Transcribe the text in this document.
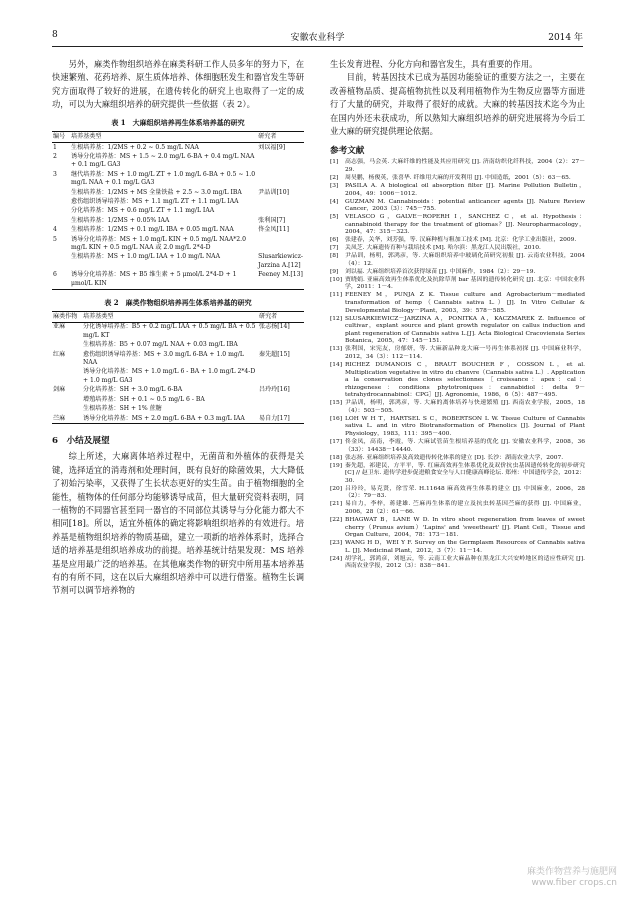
8	安徽农业科学	2014 年

另外，麻类作物组织培养在麻类科研工作人员多年的努力下，在快速繁殖、花药培养、原生质体培养、体细胞胚发生和器官发生等研究方面取得了较好的进展，在遗传转化的研究上也取得了一定的成功，可以为大麻组织培养的研究提供一些依据（表 2）。

表 1　大麻组织培养再生体系培养基的研究
编号	培养基类型	研究者
1	生根培养基：1/2MS + 0.2 ~ 0.5 mg/L NAA	刘以福[9]
2	诱导分化培养基：MS + 1.5 ~ 2.0 mg/L 6-BA + 0.4 mg/L NAA + 0.1 mg/L GA3	
3	继代培养基：MS + 1.0 mg/L ZT + 1.0 mg/L 6-BA + 0.5 ~ 1.0 mg/L NAA + 0.1 mg/L GA3	
	生根培养基：1/2MS + MS 全量铁盐 + 2.5 ~ 3.0 mg/L IBA	尹品训[10]
	愈伤组织诱导培养基：MS + 1.1 mg/L ZT + 1.1 mg/L IAA	
	分化培养基：MS + 0.6 mg/L ZT + 1.1 mg/L IAA	
	生根培养基：1/2MS + 0.05% IAA	张利国[7]
4	生根培养基：1/2MS + 0.1 mg/L IBA + 0.05 mg/L NAA	佟金凤[11]
5	诱导分化培养基：MS + 1.0 mg/L KIN + 0.5 mg/L NAA*2.0 mg/L KIN + 0.5 mg/L NAA 或 2.0 mg/L 2*4-D	
	生根培养基：MS + 1.0 mg/L IAA + 1.0 mg/L NAA	Slusarkiewicz-Jarzina A.[12]
6	诱导分化培养基：MS + B5 维生素 + 5 μmol/L 2*4-D + 1 μmol/L KIN	Feeney M.[13]
表 2　麻类作物组织培养再生体系培养基的研究
麻类作物	培养基类型	研究者
亚麻	分化诱导培养基：B5 + 0.2 mg/L IAA + 0.5 mg/L BA + 0.5 mg/L KT	张志扬[14]
	生根培养基：B5 + 0.07 mg/L NAA + 0.03 mg/L IBA	
红麻	愈伤组织诱导培养基：MS + 3.0 mg/L 6-BA + 1.0 mg/L NAA	秦先超[15]
	诱导分化培养基：MS + 1.0 mg/L 6 - BA + 1.0 mg/L 2*4-D + 1.0 mg/L GA3	
剑麻	分化培养基：SH + 3.0 mg/L 6-BA	吕玲玲[16]
	增殖培养基：SH + 0.1 ~ 0.5 mg/L 6 - BA	
	生根培养基：SH + 1% 蔗糖	
苎麻	诱导分化培养基：MS + 2.0 mg/L 6-BA + 0.3 mg/L IAA	易自力[17]
6　小结及展望

综上所述，大麻离体培养过程中，无菌苗和外植体的获得是关键，选择适宜的消毒剂和处理时间，既有良好的除菌效果，大大降低了初始污染率，又获得了生长状态更好的实生苗。由于植物细胞的全能性，植物体的任何部分均能够诱导成苗，但大量研究资料表明，同一植物的不同器官甚至同一器官的不同部位其诱导与分化能力都大不相同[18]。所以，适宜外植体的确定将影响组织培养的有效进行。培养基是植物组织培养的物质基础，建立一项新的培养体系时，选择合适的培养基是组织培养成功的前提。培养基统计结果发现：MS 培养基是应用最广泛的培养基。在其他麻类作物的研究中所用基本培养基有的有所不同，这在以后大麻组织培养中可以进行借鉴。植物生长调节剂可以调节培养物的

生长发育进程、分化方向和器官发生，具有重要的作用。

目前，转基因技术已成为基因功能验证的重要方法之一，主要在改善植物品质、提高植物抗性以及利用植物作为生物反应器等方面进行了大量的研究，并取得了很好的成就。大麻的转基因技术迄今为止在国内外还未获成功，所以熟知大麻组织培养的研究进展将为今后工业大麻的研究提供理论依据。

参考文献
[1]	高志强，马会英. 大麻纤维的性能及其应用研究 [J]. 济南纺织化纤科技，2004（2）：27－29.
[2]	周昊鹏，杨俊英，张喜华. 纤维用大麻的开发利用 [J]. 中国造纸，2001（5）：63－65.
[3]	PASILA A. A biological oil absorption filter [J]. Marine Pollution Bulletin，2004，49：1006－1012.
[4]	GUZMAN M. Cannabinoids：potential anticancer agents [J]. Nature Review Cancer，2003（3）：745－755.
[5]	VELASCO G，GALVE－ROPERH I，SANCHEZ C，et al. Hypothesis：cannabinoid therapy for the treatment of gliomas？[J]. Neuropharmacology，2004，47：315－323.
[6]	张建春，关华，刘芳强，等. 汉麻种植与粗加工技术 [M]. 北京：化学工业出版社，2009.
[7]	关凤芝. 大麻遗传育种与栽培技术 [M]. 哈尔滨：黑龙江人民出版社，2010.
[8]	尹品训，杨明，郭鸿彦，等. 大麻组织培养中玻璃化苗研究初报 [J]. 云南农业科技，2004（4）：12.
[9]	刘以福. 大麻组织培养首次获得绿苗 [J]. 中国麻作，1984（2）：29－19.
[10] 贾晓娟. 亚麻高效再生体系优化及抗除草剂 bar 基因的遗传转化研究 [J]. 北京：中国农业科学，2011：1－4.
[11] FEENEY M，PUNJA Z K. Tissue culture and Agrobacterium－mediated transformation of hemp（Cannabis sativa L.）[J]. In Vitro Cellular & Developmental Biology－Plant，2003，39：578－585.
[12] SLUSARKIEWICZ－JARZINA A，PONITKA A，KACZMAREK Z. Influence of cultivar，explant source and plant growth regulator on callus induction and plant regeneration of Cannabis sativa L.[J]. Acta Biological Cracoviensia Series Botanica，2005，47：145－151.
[13] 张利国，宋宪友，房郁妍，等. 大麻新品种龙大麻一号再生体系初探 [J]. 中国麻业科学，2012，34（3）：112－114.
[14] RICHEZ DUMANOIS C，BRAUT BOUCHER F，COSSON L，et al. Multiplication vegetative in vitro du chanvre（Cannabis sativa L.）. Application a la conservation des clones selectionnes［croissance：apex：cal：rhizogenese：conditions phytotroniques：cannabidiol：delta 9－tetrahydrocannabinol：CPG］[J]. Agronomie，1986，6（5）：487－495.
[15] 尹品训，杨明，郭鸿彦，等. 大麻的离体培养与快速繁殖 [J]. 西南农业学报，2005，18（4）：503－505.
[16] LOH W H T，HARTSEL S C，ROBERTSON L W. Tissue Culture of Cannabis sativa L. and in vitro Biotransformation of Phenolics [J]. Journal of Plant Physiology，1983，111：395－400.
[17] 佟金凤，高南，李霞，等. 大麻试管苗生根培养基的优化 [J]. 安徽农业科学，2008，36（33）：14438－14440.
[18] 张志扬. 亚麻组织培养及高效遗传转化体系的建立 [D]. 长沙：湖南农业大学，2007.
[19] 秦先超，祁建民，方平平，等. 红麻高效再生体系优化及双价抗虫基因遗传转化的初步研究 [C] // 赵卫东. 遗传学进步促进粮食安全与人口健康高峰论坛. 郑州：中国遗传学会，2012：30.
[20] 吕玲玲，易克贤，徐雪荣. H.11648 麻高效再生体系的建立 [J]. 中国麻业，2006，28（2）：79－83.
[21] 易自力，李梓，蒋建雄. 苎麻再生体系的建立及抗虫转基因苎麻的获得 [J]. 中国麻业，2006，28（2）：61－66.
[22] BHAGWAT B，LANE W D. In vitro shoot regeneration from leaves of sweet cherry（Prunus avium）'Lapins' and 'sweetheart' [J]. Plant Cell，Tissue and Organ Culture，2004，78：173－181.
[23] WANG H D，WEI Y F. Survey on the Germplasm Resources of Cannabis sativa L. [J]. Medicinal Plant，2012，3（7）：11－14.
[24] 胡学礼，郭鸿彦，刘旭云，等. 云南工业大麻品种在黑龙江大兴安岭地区的适应性研究 [J]. 西南农业学报，2012（3）：838－841.
麻类作物营养与施肥网
www.fiber crops.cn
